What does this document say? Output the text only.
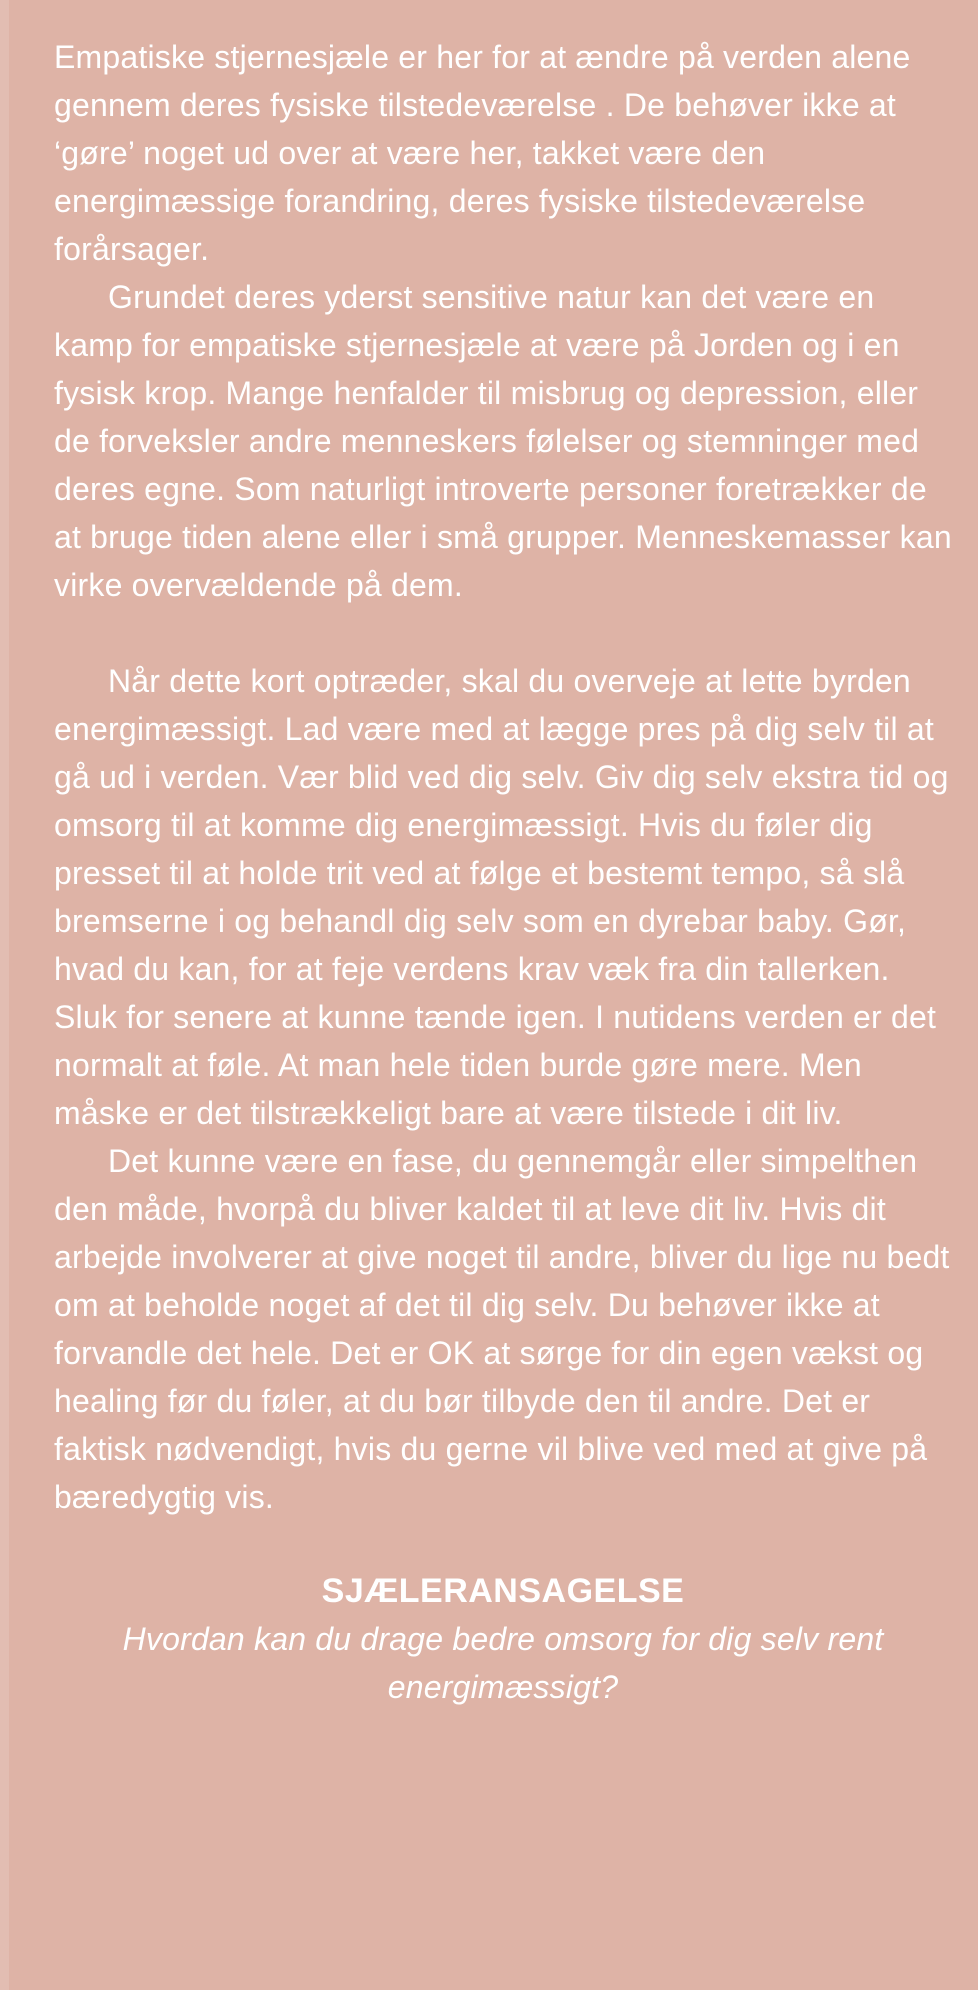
Empatiske stjernesjæle er her for at ændre på verden alene gennem deres fysiske tilstedeværelse . De behøver ikke at ‘gøre’ noget ud over at være her, takket være den energimæssige forandring, deres fysiske tilstedeværelse forårsager.

Grundet deres yderst sensitive natur kan det være en kamp for empatiske stjernesjæle at være på Jorden og i en fysisk krop. Mange henfalder til misbrug og depression, eller de forveksler andre menneskers følelser og stemninger med deres egne. Som naturligt introverte personer foretrækker de at bruge tiden alene eller i små grupper. Menneskemasser kan virke overvældende på dem.

Når dette kort optræder, skal du overveje at lette byrden energimæssigt. Lad være med at lægge pres på dig selv til at gå ud i verden. Vær blid ved dig selv. Giv dig selv ekstra tid og omsorg til at komme dig energimæssigt. Hvis du føler dig presset til at holde trit ved at følge et bestemt tempo, så slå bremserne i og behandl dig selv som en dyrebar baby. Gør, hvad du kan, for at feje verdens krav væk fra din tallerken. Sluk for senere at kunne tænde igen. I nutidens verden er det normalt at føle. At man hele tiden burde gøre mere. Men måske er det tilstrækkeligt bare at være tilstede i dit liv.

Det kunne være en fase, du gennemgår eller simpelthen den måde, hvorpå du bliver kaldet til at leve dit liv. Hvis dit arbejde involverer at give noget til andre, bliver du lige nu bedt om at beholde noget af det til dig selv. Du behøver ikke at forvandle det hele. Det er OK at sørge for din egen vækst og healing før du føler, at du bør tilbyde den til andre. Det er faktisk nødvendigt, hvis du gerne vil blive ved med at give på bæredygtig vis.

SJÆLERANSAGELSE
Hvordan kan du drage bedre omsorg for dig selv rent energimæssigt?
